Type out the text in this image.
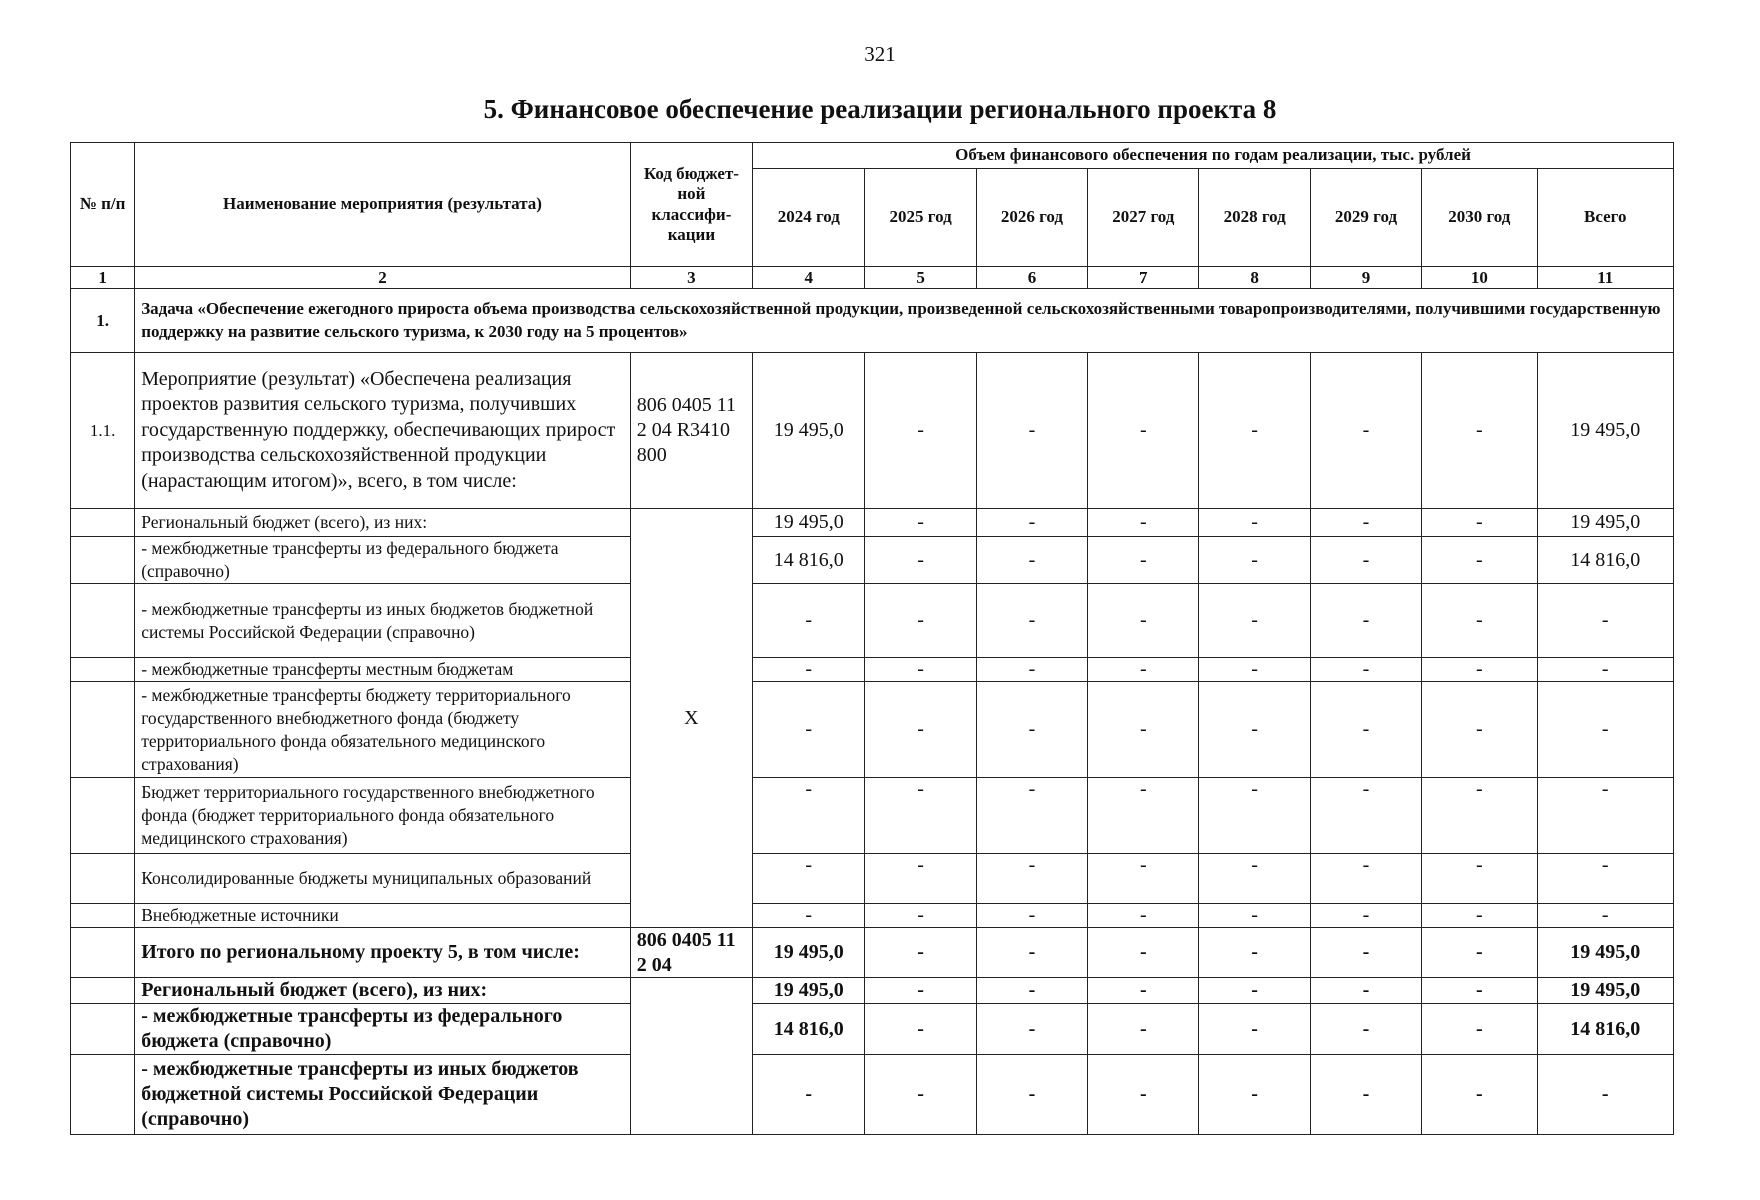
321
5. Финансовое обеспечение реализации регионального проекта 8
№ п/п	Наименование мероприятия (результата)	Код бюджет-ной классифи-кации	Объем финансового обеспечения по годам реализации, тыс. рублей							
			2024 год	2025 год	2026 год	2027 год	2028 год	2029 год	2030 год	Всего
1	2	3	4	5	6	7	8	9	10	11
1.	Задача «Обеспечение ежегодного прироста объема производства сельскохозяйственной продукции, произведенной сельскохозяйственными товаропроизводителями, получившими государственную поддержку на развитие сельского туризма, к 2030 году на 5 процентов»									
1.1.	Мероприятие (результат) «Обеспечена реализация проектов развития сельского туризма, получивших государственную поддержку, обеспечивающих прирост производства сельскохозяйственной продукции (нарастающим итогом)», всего, в том числе:	806 0405 11 2 04 R3410 800	19 495,0	-	-	-	-	-	-	19 495,0
	Региональный бюджет (всего), из них:	Х	19 495,0	-	-	-	-	-	-	19 495,0
	- межбюджетные трансферты из федерального бюджета (справочно)		14 816,0	-	-	-	-	-	-	14 816,0
	- межбюджетные трансферты из иных бюджетов бюджетной системы Российской Федерации (справочно)		-	-	-	-	-	-	-	-
	- межбюджетные трансферты местным бюджетам		-	-	-	-	-	-	-	-
	- межбюджетные трансферты бюджету территориального государственного внебюджетного фонда (бюджету территориального фонда обязательного медицинского страхования)		-	-	-	-	-	-	-	-
	Бюджет территориального государственного внебюджетного фонда (бюджет территориального фонда обязательного медицинского страхования)		-	-	-	-	-	-	-	-
	Консолидированные бюджеты муниципальных образований		-	-	-	-	-	-	-	-
	Внебюджетные источники		-	-	-	-	-	-	-	-
	Итого по региональному проекту 5, в том числе:	806 0405 11 2 04	19 495,0	-	-	-	-	-	-	19 495,0
	Региональный бюджет (всего), из них:		19 495,0	-	-	-	-	-	-	19 495,0
	- межбюджетные трансферты из федерального бюджета (справочно)		14 816,0	-	-	-	-	-	-	14 816,0
	- межбюджетные трансферты из иных бюджетов бюджетной системы Российской Федерации (справочно)		-	-	-	-	-	-	-	-
